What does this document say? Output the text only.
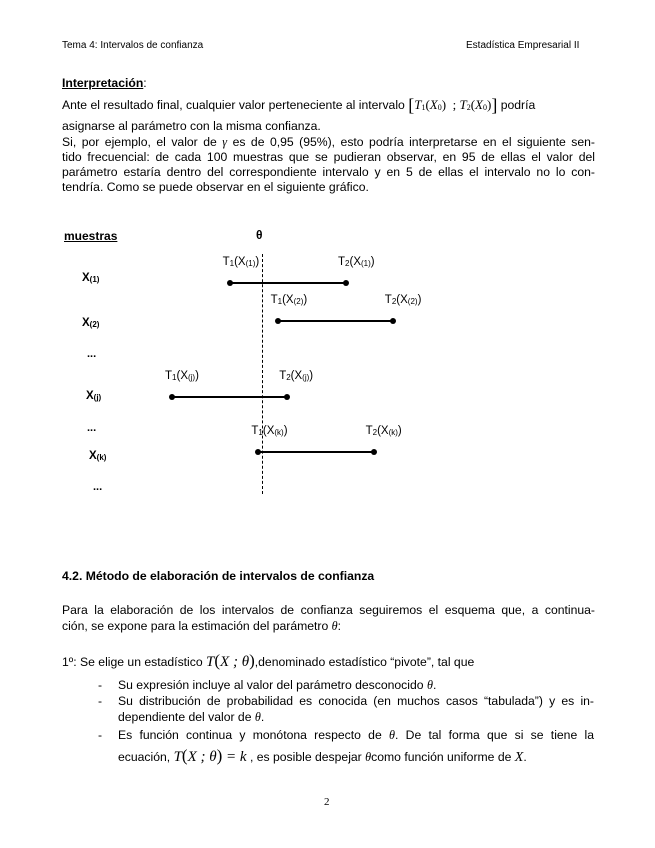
Tema 4: Intervalos de confianza	Estadística Empresarial II
Interpretación:
Ante el resultado final, cualquier valor perteneciente al intervalo [$T_1(X_0)$  ; $T_2(X_0)$] podría
asignarse al parámetro con la misma confianza.
Si, por ejemplo, el valor de γ es de 0,95 (95%), esto podría interpretarse en el siguiente sen-
tido frecuencial: de cada 100 muestras que se pudieran observar, en 95 de ellas el valor del
parámetro estaría dentro del correspondiente intervalo y en 5 de ellas el intervalo no lo con-
tendría. Como se puede observar en el siguiente gráfico.
muestras	θ
$T_1(X_{(1)})$	$T_2(X_{(1)})$
$X_{(1)}$
$T_1(X_{(2)})$	$T_2(X_{(2)})$
$X_{(2)}$
$T_1(X_{(j)})$	$T_2(X_{(j)})$
$X_{(j)}$
$T_1(X_{(k)})$	$T_2(X_{(k)})$
$X_{(k)}$
...
...
...
4.2. Método de elaboración de intervalos de confianza
Para la elaboración de los intervalos de confianza seguiremos el esquema que, a continua-
ción, se expone para la estimación del parámetro θ:
1º: Se elige un estadístico T(X ; θ),denominado estadístico “pivote”, tal que
- Su expresión incluye al valor del parámetro desconocido θ.
- Su distribución de probabilidad es conocida (en muchos casos “tabulada”) y es in-
dependiente del valor de θ.
- Es función continua y monótona respecto de θ. De tal forma que si se tiene la
ecuación, T(X ; θ) = k , es posible despejar θcomo función uniforme de X.
2
